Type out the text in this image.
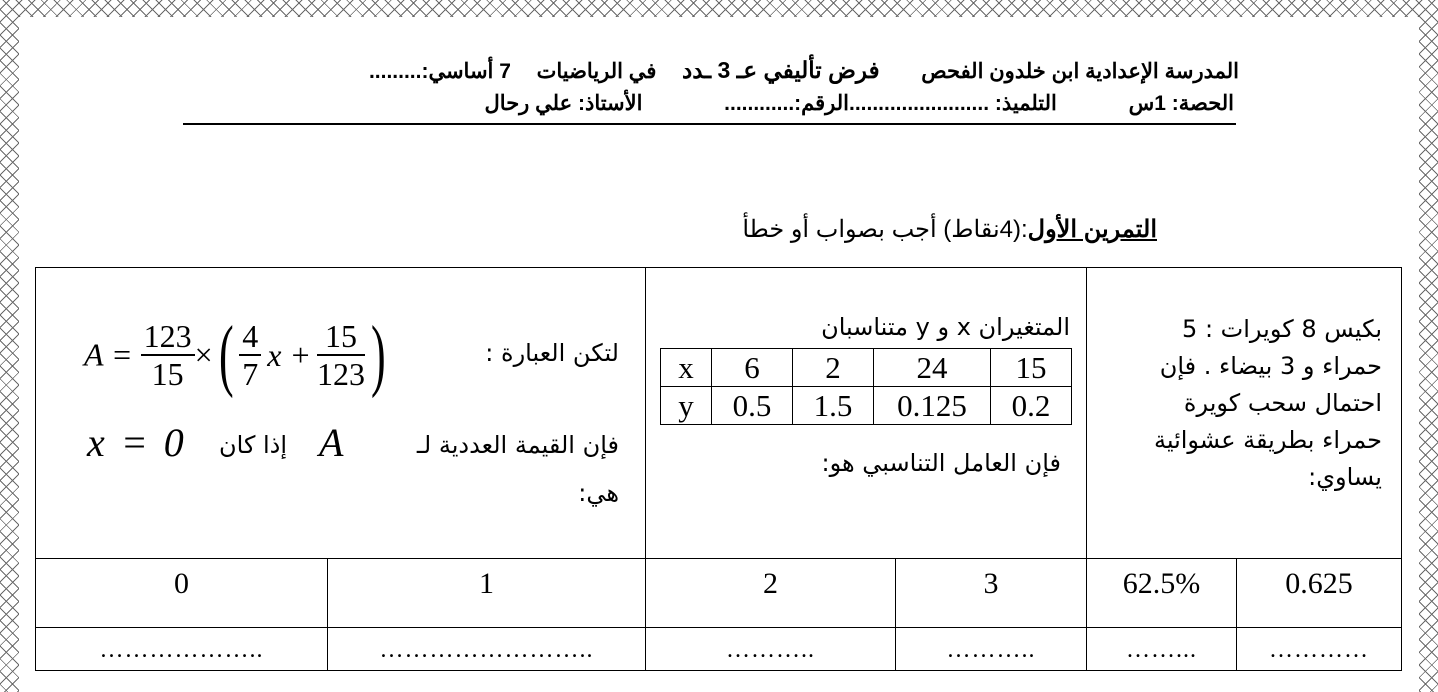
المدرسة الإعدادية ابن خلدون الفحص  فرض تأليفي عـ 3 ـدد  في الرياضيات  7 أساسي:.........
الحصة: 1س  التلميذ: ........................الرقم:............  الأستاذ: علي رحال
التمرين الأول:(4نقاط) أجب بصواب أو خطأ
بكيس 8 كويرات : 5
حمراء و 3 بيضاء . فإن
احتمال سحب كويرة
حمراء بطريقة عشوائية
يساوي:
المتغيران x و y متناسبان
x	6	2	24	15
y	0.5	1.5	0.125	0.2
فإن العامل التناسبي هو:
لتكن العبارة :
$A = \frac{123}{15}$ ×( $\frac{4}{7}$ $x + \frac{15}{123}$ )
فإن القيمة العددية لـ
A
إذا كان
x = 0
هي:
0	1	2	3	62.5%	0.625
………………..	……………………..	………..	………..	……...	…………
